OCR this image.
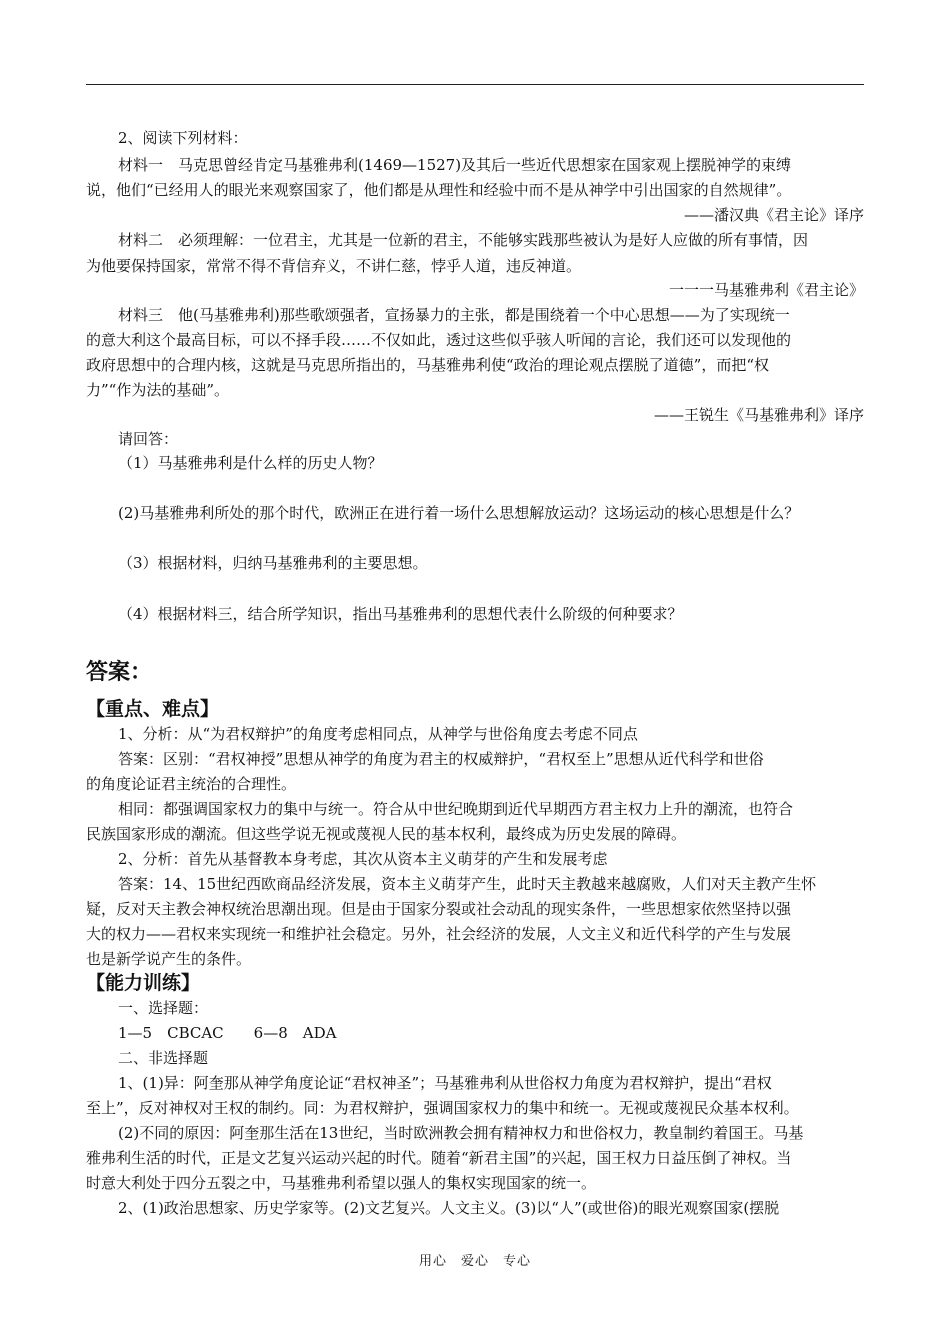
2、阅读下列材料：
材料一　马克思曾经肯定马基雅弗利(1469—1527)及其后一些近代思想家在国家观上摆脱神学的束缚
说，他们“已经用人的眼光来观察国家了，他们都是从理性和经验中而不是从神学中引出国家的自然规律”。
——潘汉典《君主论》译序
材料二　必须理解：一位君主，尤其是一位新的君主，不能够实践那些被认为是好人应做的所有事情，因
为他要保持国家，常常不得不背信弃义，不讲仁慈，悖乎人道，违反神道。
一一一马基雅弗利《君主论》
材料三　他(马基雅弗利)那些歌颂强者，宣扬暴力的主张，都是围绕着一个中心思想——为了实现统一
的意大利这个最高目标，可以不择手段……不仅如此，透过这些似乎骇人听闻的言论，我们还可以发现他的
政府思想中的合理内核，这就是马克思所指出的，马基雅弗利使“政治的理论观点摆脱了道德”，而把“权
力”“作为法的基础”。
——王锐生《马基雅弗利》译序
请回答：
（1）马基雅弗利是什么样的历史人物？
(2)马基雅弗利所处的那个时代，欧洲正在进行着一场什么思想解放运动？这场运动的核心思想是什么？
（3）根据材料，归纳马基雅弗利的主要思想。
（4）根据材料三，结合所学知识，指出马基雅弗利的思想代表什么阶级的何种要求？
答案：
【重点、难点】
1、分析：从“为君权辩护”的角度考虑相同点，从神学与世俗角度去考虑不同点
答案：区别：“君权神授”思想从神学的角度为君主的权威辩护，“君权至上”思想从近代科学和世俗
的角度论证君主统治的合理性。
相同：都强调国家权力的集中与统一。符合从中世纪晚期到近代早期西方君主权力上升的潮流，也符合
民族国家形成的潮流。但这些学说无视或蔑视人民的基本权利，最终成为历史发展的障碍。
2、分析：首先从基督教本身考虑，其次从资本主义萌芽的产生和发展考虑
答案：14、15世纪西欧商品经济发展，资本主义萌芽产生，此时天主教越来越腐败，人们对天主教产生怀
疑，反对天主教会神权统治思潮出现。但是由于国家分裂或社会动乱的现实条件，一些思想家依然坚持以强
大的权力——君权来实现统一和维护社会稳定。另外，社会经济的发展，人文主义和近代科学的产生与发展
也是新学说产生的条件。
【能力训练】
一、选择题：
1—5　CBCAC　　6—8　ADA
二、非选择题
1、(1)异：阿奎那从神学角度论证“君权神圣”；马基雅弗利从世俗权力角度为君权辩护，提出“君权
至上”，反对神权对王权的制约。同：为君权辩护，强调国家权力的集中和统一。无视或蔑视民众基本权利。
(2)不同的原因：阿奎那生活在13世纪，当时欧洲教会拥有精神权力和世俗权力，教皇制约着国王。马基
雅弗利生活的时代，正是文艺复兴运动兴起的时代。随着“新君主国”的兴起，国王权力日益压倒了神权。当
时意大利处于四分五裂之中，马基雅弗利希望以强人的集权实现国家的统一。
2、(1)政治思想家、历史学家等。(2)文艺复兴。人文主义。(3)以“人”(或世俗)的眼光观察国家(摆脱
用心　爱心　专心
